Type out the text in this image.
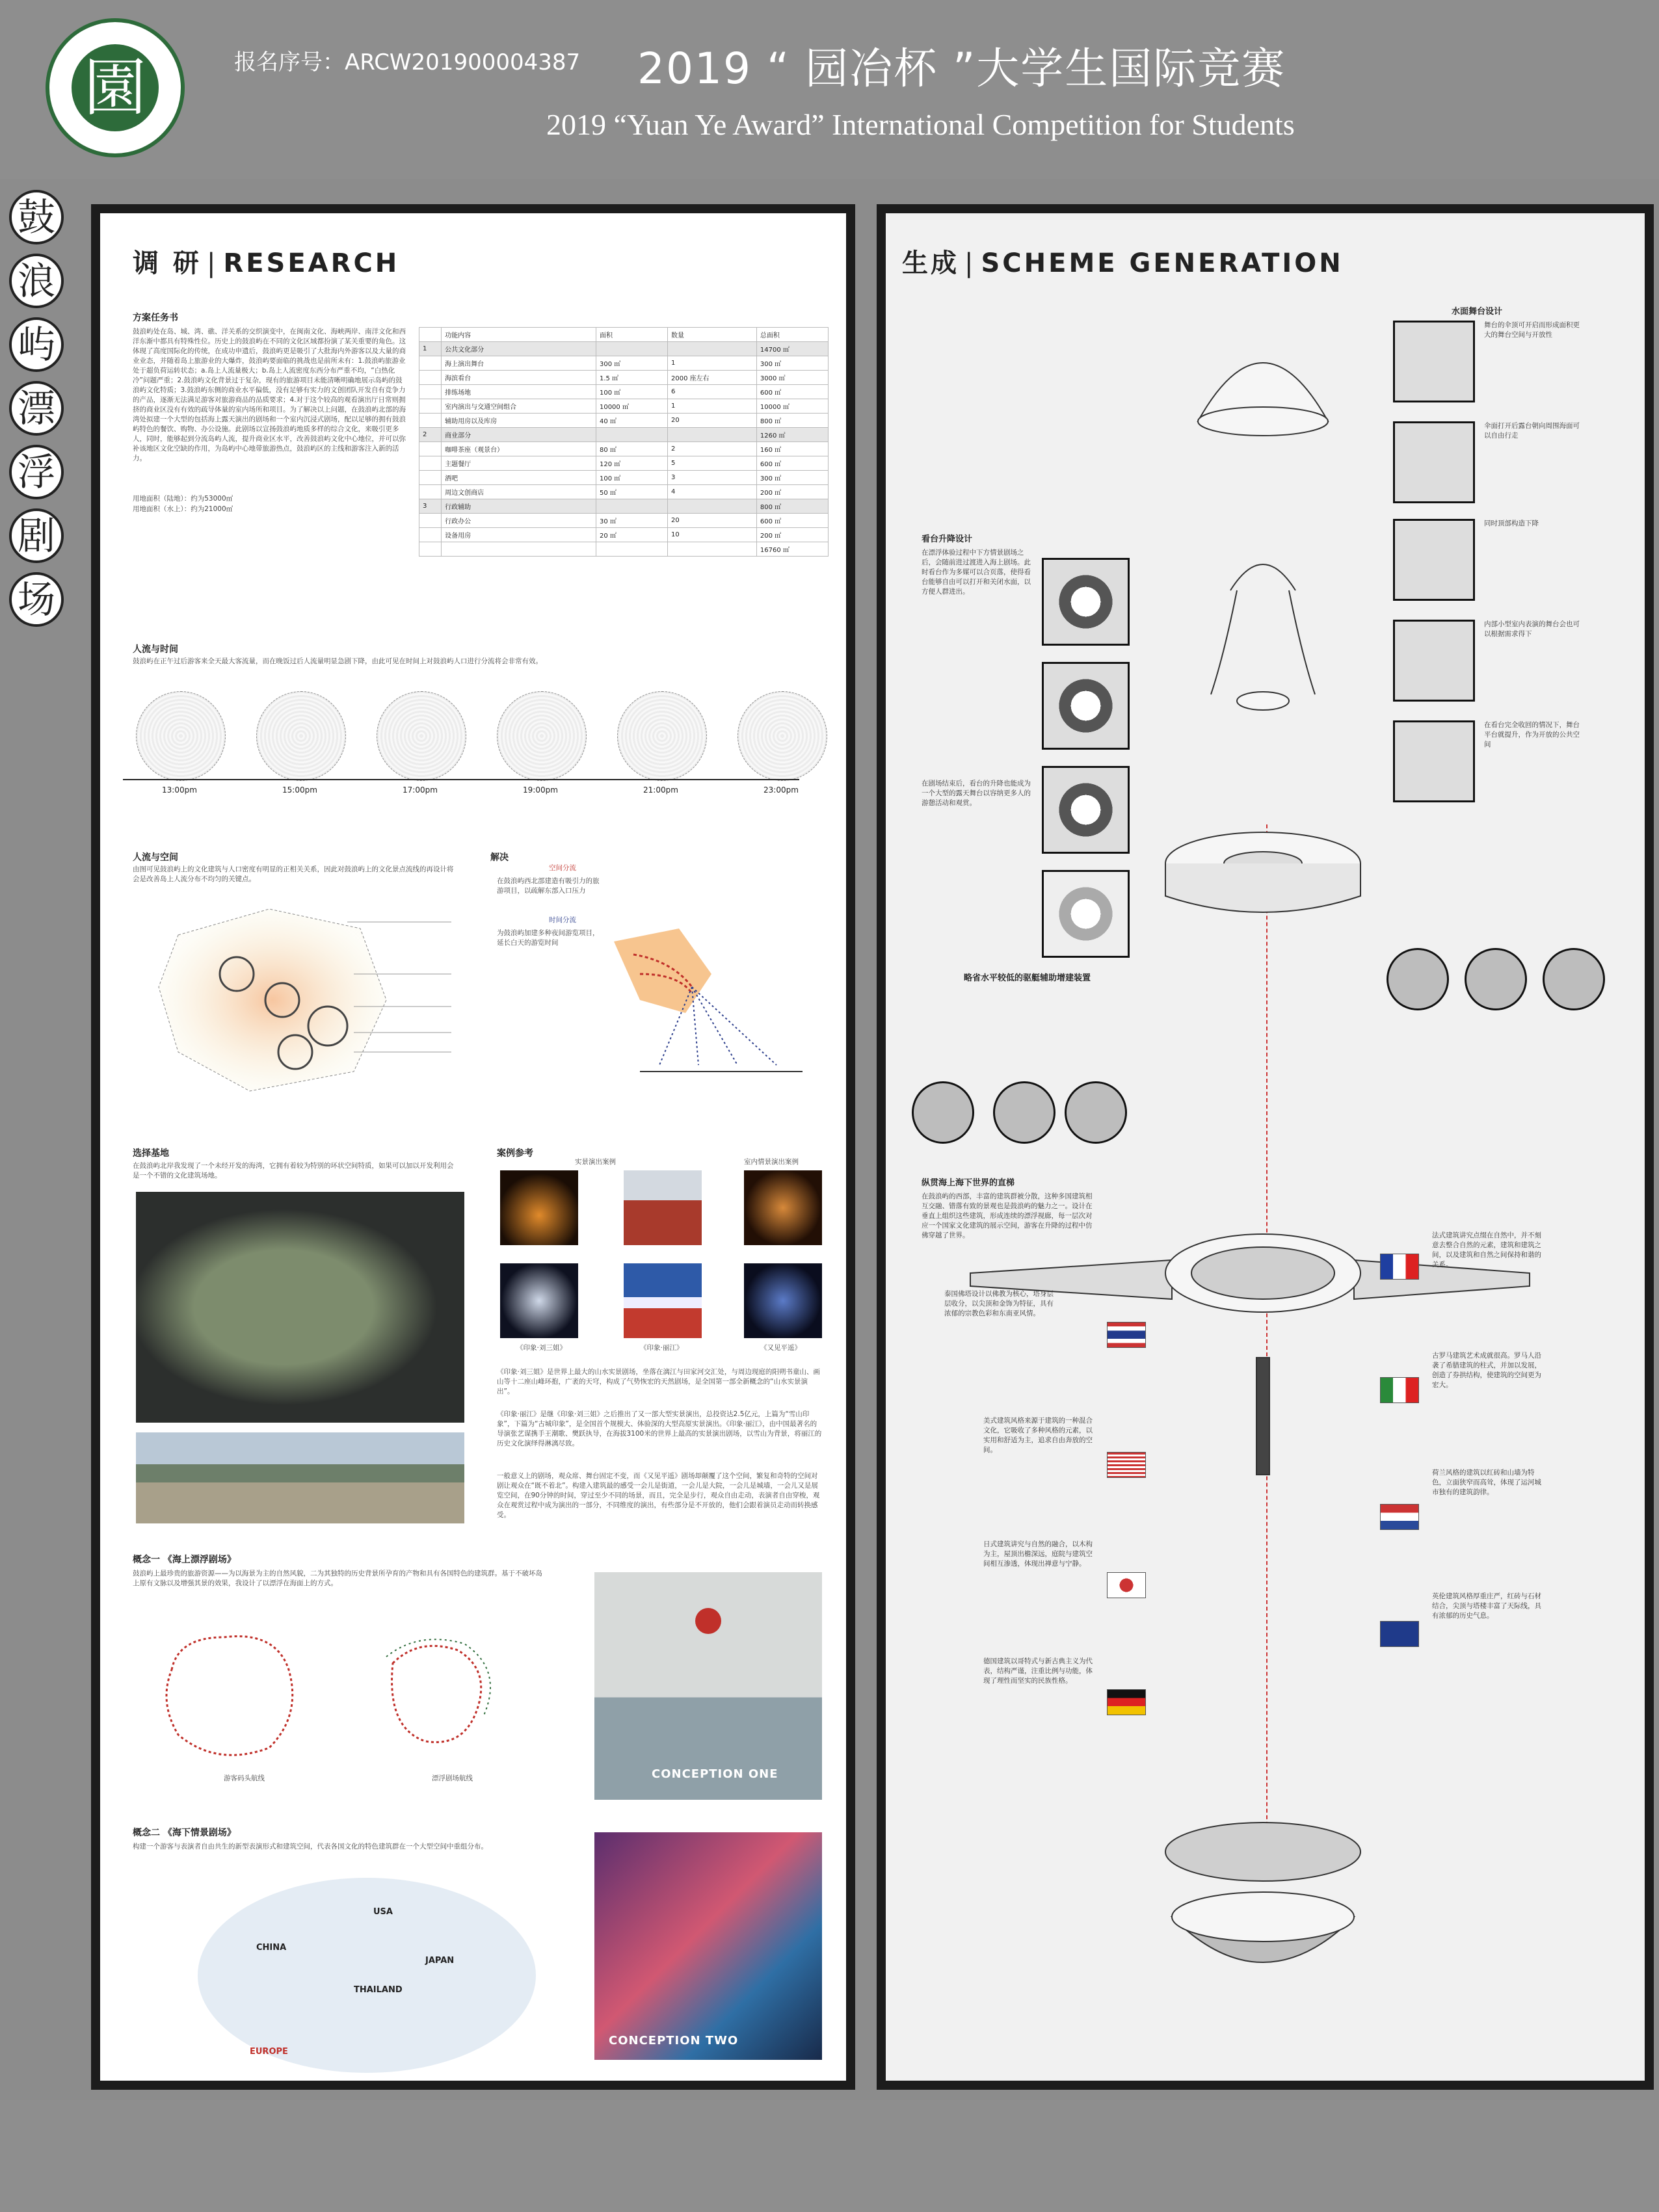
園	报名序号：ARCW201900004387 2019 “ 园冶杯 ”大学生国际竞赛
2019 “Yuan Ye Award” International Competition for Students
鼓
浪
屿
漂
浮
剧
场
调 研 | RESEARCH
方案任务书
鼓浪屿处在岛、城、湾、礁、洋关系的交织演变中，在闽南文化、海峡两岸、南洋文化和西洋东渐中都具有特殊性位。历史上的鼓浪屿在不同的文化区域都扮演了某关重要的角色。这体现了高度国际化的传统，在成功申遗后，鼓浪屿更是吸引了大批海内外游客以及大量的商业业态，并随着岛上旅游业的大爆炸，鼓浪屿要面临的挑战也是前所未有：1.鼓浪屿旅游业处于超负荷运转状态；a.岛上人流量极大；b.岛上人流密度东西分布严重不均，“白热化冷”问题严重；2.鼓浪屿文化背景过于复杂，现有的旅游项目未能清晰明确地展示岛屿的鼓浪屿文化特质；3.鼓浪屿东侧的商业水平偏低，没有足够有实力的文创团队开发自有竞争力的产品，逐渐无法满足游客对旅游商品的品质要求；4.对于这个较高的观看演出厅日常则拥挤的商业区没有有效的疏导体量的室内场所和项目。为了解决以上问题，在鼓浪屿北部的海湾处拟建一个大型的包括海上露天演出的剧场和一个室内沉浸式剧场，配以足够的拥有鼓浪屿特色的餐饮、购物、办公设施。此剧场以宣扬鼓浪屿地质多样的综合文化，来吸引更多人，同时，能够起到分流岛屿人流，提升商业区水平，改善鼓浪屿文化中心地位，并可以弥补该地区文化空缺的作用，为岛屿中心地带旅游热点，鼓浪屿区的主线和游客注入新的活力。
用地面积（陆地）：约为53000㎡
用地面积（水上）：约为21000㎡
	功能内容	面积	数量	总面积
1	公共文化部分			14700 ㎡
	海上演出舞台	300 ㎡	1	300 ㎡
	海滨看台	1.5 ㎡	2000 座左右	3000 ㎡
	排练场地	100 ㎡	6	600 ㎡
	室内演出与交通空间组合	10000 ㎡	1	10000 ㎡
	辅助用房以及库房	40 ㎡	20	800 ㎡
2	商业部分			1260 ㎡
	咖啡茶座（观景台）	80 ㎡	2	160 ㎡
	主题餐厅	120 ㎡	5	600 ㎡
	酒吧	100 ㎡	3	300 ㎡
	周边文创商店	50 ㎡	4	200 ㎡
3	行政辅助			800 ㎡
	行政办公	30 ㎡	20	600 ㎡
	设备用房	20 ㎡	10	200 ㎡
				16760 ㎡
人流与时间
鼓浪屿在正午过后游客来全天最大客流量，而在晚饭过后人流量明显急剧下降，由此可见在时间上对鼓浪屿人口进行分流将会非常有效。
13:00pm	15:00pm	17:00pm	19:00pm	21:00pm	23:00pm
人流与空间
由图可见鼓浪屿上的文化建筑与人口密度有明显的正相关关系，因此对鼓浪屿上的文化景点流线的再设计将会是改善岛上人流分布不均匀的关键点。
解决
空间分流
在鼓浪屿西北部建造有吸引力的旅游项目，以疏解东部入口压力
时间分流
为鼓浪屿加建多种夜间游览项目，延长白天的游览时间
选择基地
在鼓浪屿北岸我发现了一个未经开发的海湾，它拥有着较为特别的环状空间特质，如果可以加以开发利用会是一个不错的文化建筑场地。
案例参考
实景演出案例	室内情景演出案例
《印象·刘三姐》	《印象·丽江》	《又见平遥》
《印象·刘三姐》是世界上最大的山水实景剧场，坐落在漓江与田家河交汇处，与周边现庭的阳朔书童山、画山等十二座山峰环抱，广袤的天穹，构成了气势恢宏的天然剧场，是全国第一部全新概念的“山水实景演出”。
《印象·丽江》是继《印象·刘三姐》之后推出了又一部大型实景演出，总投资达2.5亿元，上篇为“雪山印象”，下篇为“古城印象”，是全国首个规模大、体验深的大型高原实景演出。《印象·丽江》，由中国最著名的导演张艺谋携手王潮歌、樊跃执导，在海拔3100米的世界上最高的实景演出剧场，以雪山为背景，将丽江的历史文化演绎得淋漓尽致。
一般意义上的剧场，观众席、舞台固定不变，而《又见平遥》剧场却颠覆了这个空间，繁复和奇特的空间对剧让观众在“既不着北”。构建入建筑最的感受一会儿是街道，一会儿是大院，一会儿是城墙，一会儿又是展览空间，在90分钟的时间，穿过至少不同的场景，而且，完全是步行，观众自由走动，表演者自由穿梭，观众在观赏过程中成为演出的一部分，不同维度的演出，有些部分是不开放的，他们会跟着演员走动而转换感受。
概念一 《海上漂浮剧场》
鼓浪屿上最珍贵的旅游资源——为以海景为主的自然风貌，二为其独特的历史背景所孕育的产物和具有各国特色的建筑群。基于不破坏岛上原有文脉以及增强其景的效果，我设计了以漂浮在海面上的方式。
游客码头航线	漂浮剧场航线	CONCEPTION ONE
概念二 《海下情景剧场》
构建一个游客与表演者自由共生的新型表演形式和建筑空间，代表各国文化的特色建筑群在一个大型空间中重组分布。
USA
CHINA
JAPAN
THAILAND
EUROPE
CONCEPTION TWO
生成 | SCHEME GENERATION
水面舞台设计
舞台的伞顶可开启而形成面积更大的舞台空间与开放性
伞面打开后露台朝向周围海面可以自由行走
同时顶部构造下降
内部小型室内表演的舞台会也可以根据需求得下
在看台完全收回的情况下，舞台平台就提升，作为开放的公共空间
看台升降设计
在漂浮体验过程中下方情景剧场之后，会随前进过渡进入海上剧场。此时看台作为多媒可以合页落，使得看台能够自由可以打开和关闭水面，以方便人群进出。
在剧场结束后，看台的升降也能成为一个大型的露天舞台以容纳更多人的游憩活动和观赏。
略省水平较低的驱艇辅助增建装置
纵贯海上海下世界的直梯
在鼓浪屿的西部，丰富的建筑群被分散，这种多国建筑相互交融、错落有致的景观也是鼓浪屿的魅力之一。设计在垂直上组织这些建筑，形成连续的漂浮视廊，每一层次对应一个国家文化建筑的展示空间，游客在升降的过程中仿佛穿越了世界。	法式建筑讲究点缀在自然中，并不刻意去整合自然的元素，建筑和建筑之间，以及建筑和自然之间保持和谐的关系。
泰国佛塔设计以佛教为核心，塔身层层收分，以尖顶和金饰为特征，具有浓郁的宗教色彩和东南亚风情。
古罗马建筑艺术成就很高。罗马人沿袭了希腊建筑的柱式，并加以发展，创造了券拱结构，使建筑的空间更为宏大。
美式建筑风格来源于建筑的一种混合文化，它吸收了多种风格的元素，以实用和舒适为主，追求自由奔放的空间。
荷兰风格的建筑以红砖和山墙为特色，立面狭窄而高耸，体现了运河城市独有的建筑韵律。
日式建筑讲究与自然的融合，以木构为主，屋顶出檐深远，庭院与建筑空间相互渗透，体现出禅意与宁静。
英伦建筑风格厚重庄严，红砖与石材结合，尖顶与塔楼丰富了天际线，具有浓郁的历史气息。
德国建筑以哥特式与新古典主义为代表，结构严谨，注重比例与功能，体现了理性而坚实的民族性格。
